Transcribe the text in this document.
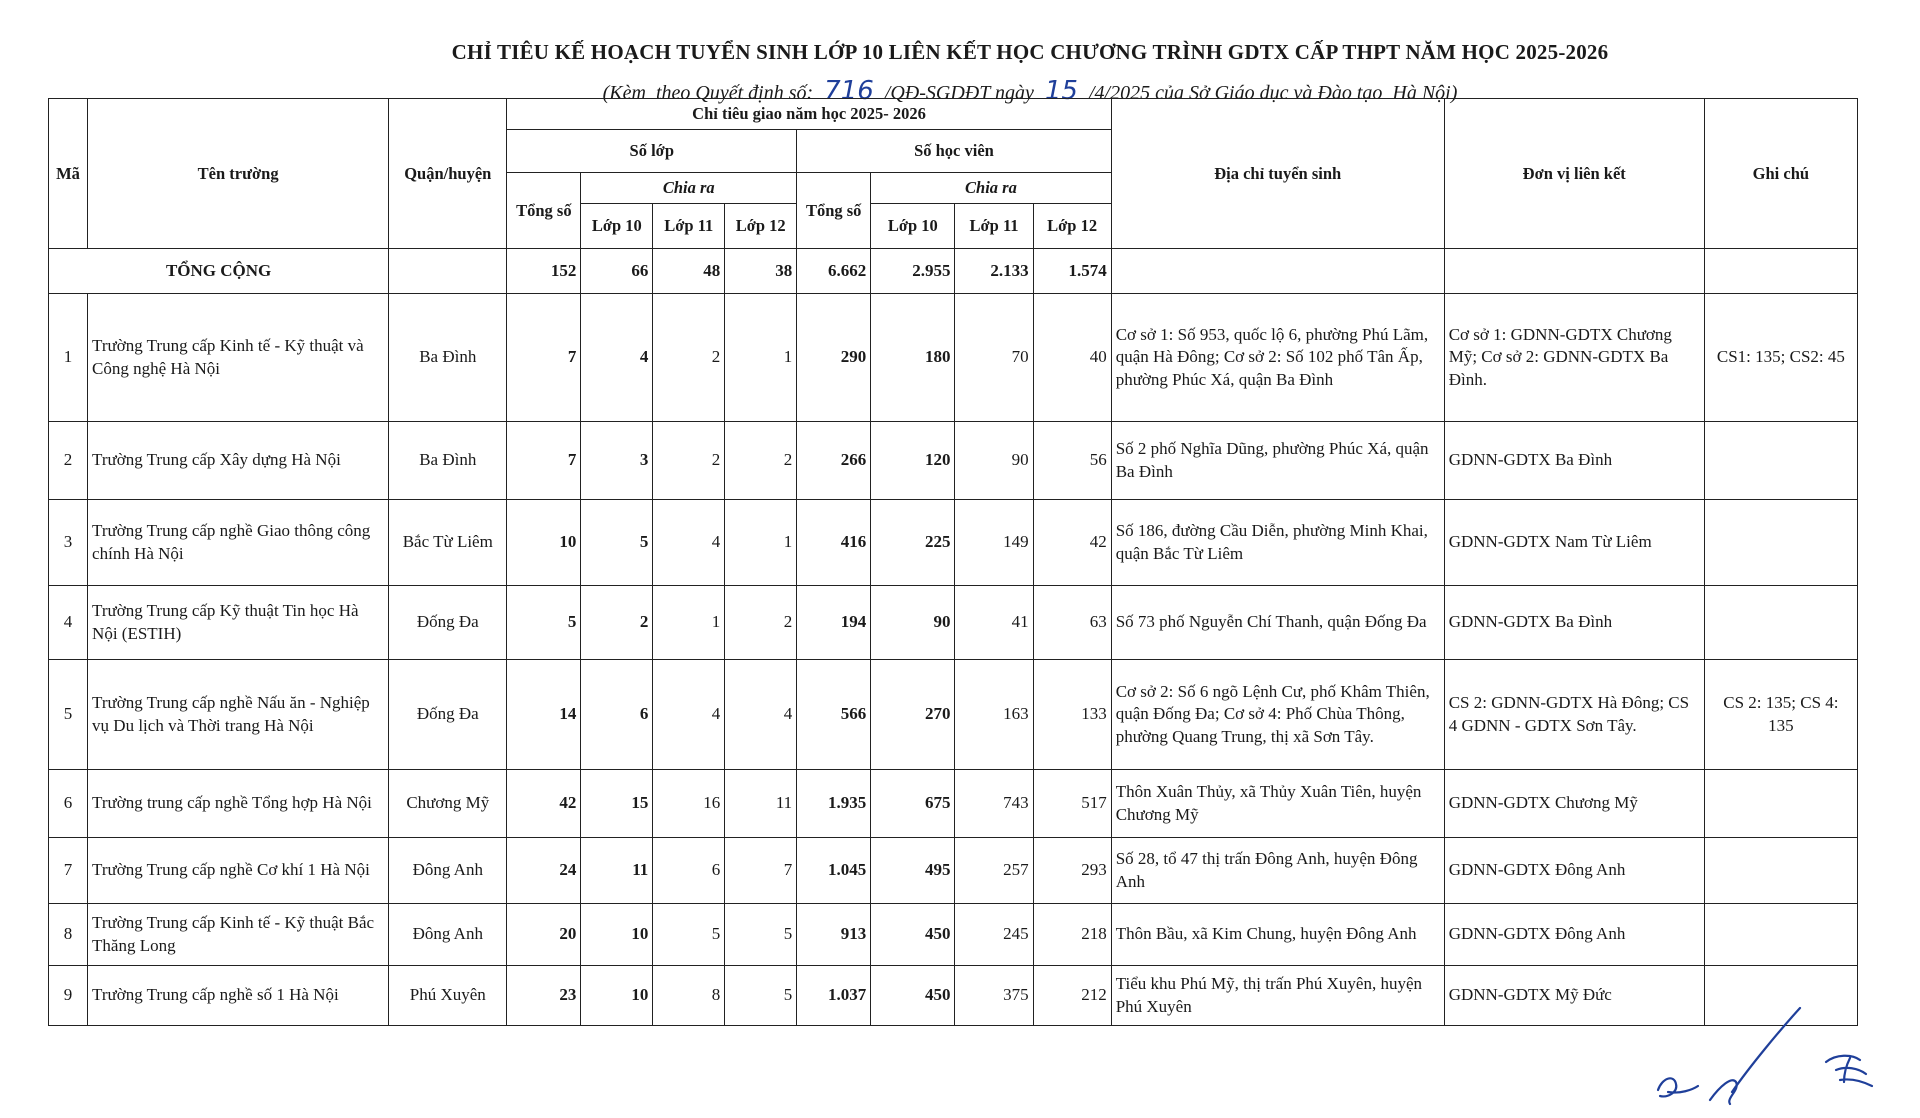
CHỈ TIÊU KẾ HOẠCH TUYỂN SINH LỚP 10 LIÊN KẾT HỌC CHƯƠNG TRÌNH GDTX CẤP THPT NĂM HỌC 2025-2026
(Kèm  theo Quyết định số: 716 /QĐ-SGDĐT ngày 15 /4/2025 của Sở Giáo dục và Đào tạo  Hà Nội)
Mã	Tên trường	Quận/huyện	Chỉ tiêu giao năm học 2025- 2026								Địa chỉ tuyển sinh	Đơn vị liên kết	Ghi chú
			Số lớp				Số học viên						
			Tổng số	Chia ra			Tổng số	Chia ra					
				Lớp 10	Lớp 11	Lớp 12		Lớp 10	Lớp 11	Lớp 12			
TỔNG CỘNG			152	66	48	38	6.662	2.955	2.133	1.574			
1	Trường Trung cấp Kinh tế - Kỹ thuật và Công nghệ Hà Nội	Ba Đình	7	4	2	1	290	180	70	40	Cơ sở 1: Số 953, quốc lộ 6, phường Phú Lãm, quận Hà Đông; Cơ sở 2: Số 102 phố Tân Ấp, phường Phúc Xá, quận Ba Đình	Cơ sở 1: GDNN-GDTX Chương Mỹ; Cơ sở 2: GDNN-GDTX Ba Đình.	CS1: 135; CS2: 45
2	Trường Trung cấp Xây dựng Hà Nội	Ba Đình	7	3	2	2	266	120	90	56	Số 2 phố Nghĩa Dũng, phường Phúc Xá, quận Ba Đình	GDNN-GDTX Ba Đình	
3	Trường Trung cấp nghề Giao thông công chính Hà Nội	Bắc Từ Liêm	10	5	4	1	416	225	149	42	Số 186, đường Cầu Diễn, phường Minh Khai, quận Bắc Từ Liêm	GDNN-GDTX Nam Từ Liêm	
4	Trường Trung cấp Kỹ thuật Tin học Hà Nội (ESTIH)	Đống Đa	5	2	1	2	194	90	41	63	Số 73 phố Nguyễn Chí Thanh, quận Đống Đa	GDNN-GDTX Ba Đình	
5	Trường Trung cấp nghề Nấu ăn - Nghiệp vụ Du lịch và Thời trang Hà Nội	Đống Đa	14	6	4	4	566	270	163	133	Cơ sở 2: Số 6 ngõ Lệnh Cư, phố Khâm Thiên, quận Đống Đa; Cơ sở 4: Phố Chùa Thông, phường Quang Trung, thị xã Sơn Tây.	CS 2: GDNN-GDTX Hà Đông; CS 4 GDNN - GDTX Sơn Tây.	CS 2: 135; CS 4: 135
6	Trường trung cấp nghề Tổng hợp Hà Nội	Chương Mỹ	42	15	16	11	1.935	675	743	517	Thôn Xuân Thủy, xã Thủy Xuân Tiên, huyện Chương Mỹ	GDNN-GDTX Chương Mỹ	
7	Trường Trung cấp nghề Cơ khí 1 Hà Nội	Đông Anh	24	11	6	7	1.045	495	257	293	Số 28, tổ 47 thị trấn Đông Anh, huyện Đông Anh	GDNN-GDTX Đông Anh	
8	Trường Trung cấp Kinh tế - Kỹ thuật Bắc Thăng Long	Đông Anh	20	10	5	5	913	450	245	218	Thôn Bầu, xã Kim Chung, huyện Đông Anh	GDNN-GDTX Đông Anh	
9	Trường Trung cấp nghề số 1 Hà Nội	Phú Xuyên	23	10	8	5	1.037	450	375	212	Tiểu khu Phú Mỹ, thị trấn Phú Xuyên, huyện Phú Xuyên	GDNN-GDTX Mỹ Đức	
